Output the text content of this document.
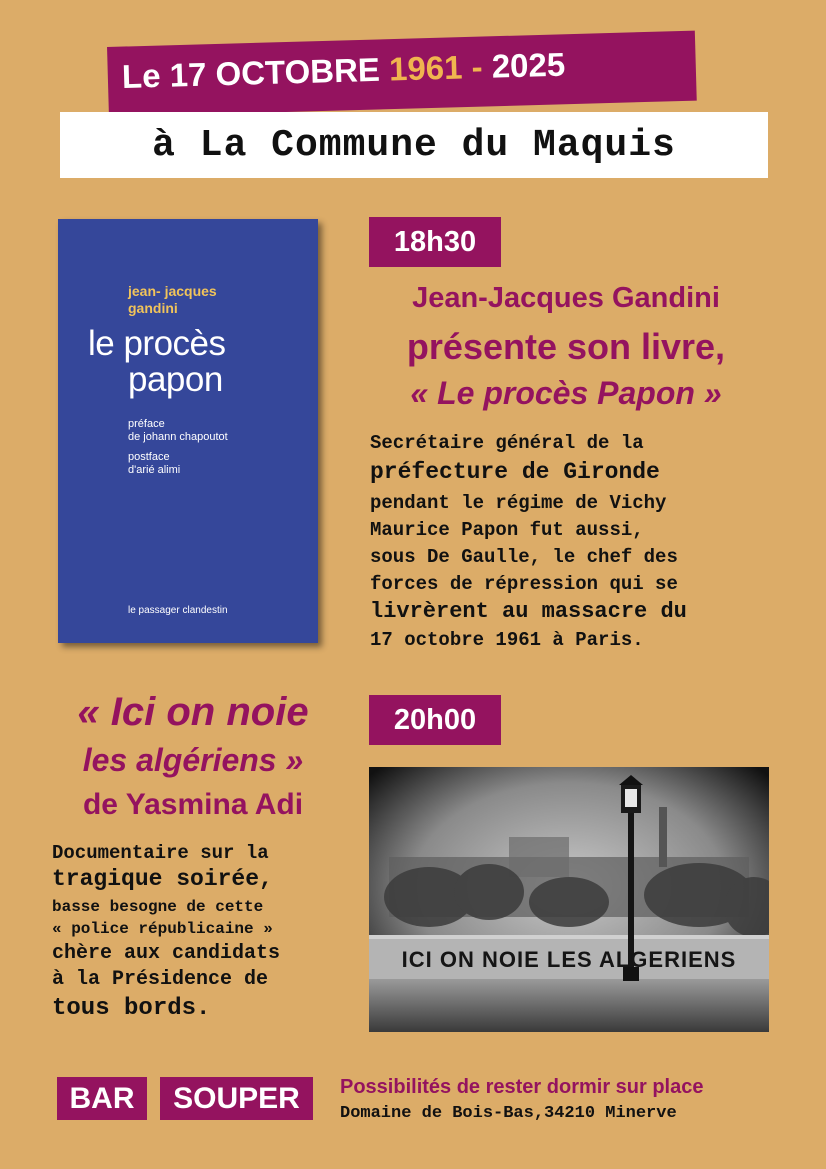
Le 17 OCTOBRE 1961 - 2025
à La Commune du Maquis
jean- jacques
gandini
le procès
papon
préface
de johann chapoutot
postface
d'arié alimi
le passager clandestin
18h30
Jean-Jacques Gandini
présente son livre,
« Le procès Papon »
Secrétaire général de la
préfecture de Gironde
pendant le régime de Vichy
Maurice Papon fut aussi,
sous De Gaulle, le chef des
forces de répression qui se
livrèrent au massacre du
17 octobre 1961 à Paris.
« Ici on noie
les algériens »
de Yasmina Adi
Documentaire sur la
tragique soirée,
basse besogne de cette
« police républicaine »
chère aux candidats
à la Présidence de
tous bords.
20h00
ICI ON NOIE LES ALGERIENS
BAR	SOUPER	Possibilités de rester dormir sur place
Domaine de Bois-Bas,34210 Minerve
